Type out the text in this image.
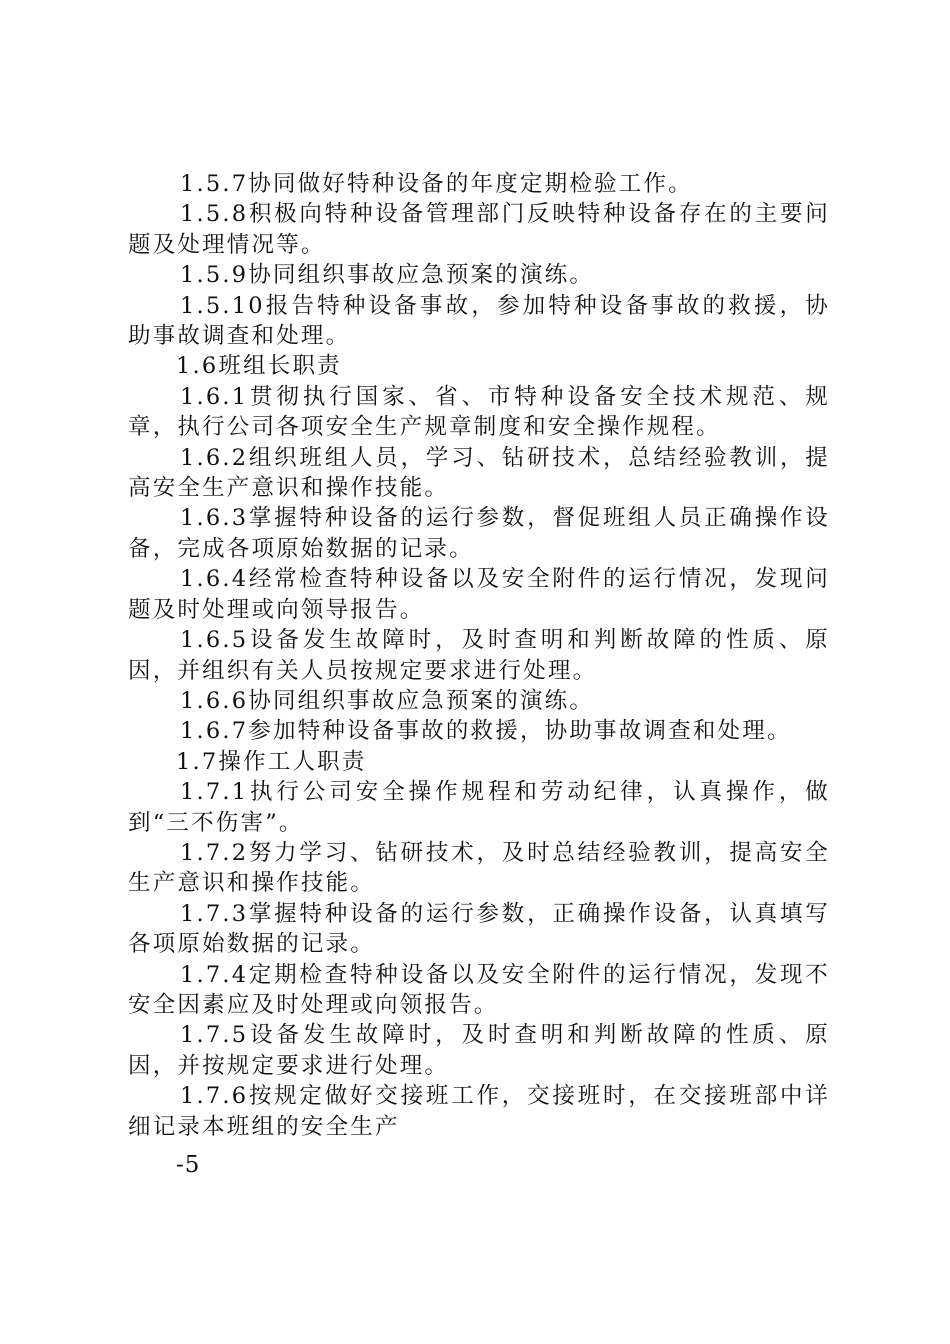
1.5.7协同做好特种设备的年度定期检验工作。

1.5.8积极向特种设备管理部门反映特种设备存在的主要问题及处理情况等。

1.5.9协同组织事故应急预案的演练。

1.5.10报告特种设备事故，参加特种设备事故的救援，协助事故调查和处理。

1.6班组长职责

1.6.1贯彻执行国家、省、市特种设备安全技术规范、规章，执行公司各项安全生产规章制度和安全操作规程。

1.6.2组织班组人员，学习、钻研技术，总结经验教训，提高安全生产意识和操作技能。

1.6.3掌握特种设备的运行参数，督促班组人员正确操作设备，完成各项原始数据的记录。

1.6.4经常检查特种设备以及安全附件的运行情况，发现问题及时处理或向领导报告。

1.6.5设备发生故障时，及时查明和判断故障的性质、原因，并组织有关人员按规定要求进行处理。

1.6.6协同组织事故应急预案的演练。

1.6.7参加特种设备事故的救援，协助事故调查和处理。

1.7操作工人职责

1.7.1执行公司安全操作规程和劳动纪律，认真操作，做到“三不伤害”。

1.7.2努力学习、钻研技术，及时总结经验教训，提高安全生产意识和操作技能。

1.7.3掌握特种设备的运行参数，正确操作设备，认真填写各项原始数据的记录。

1.7.4定期检查特种设备以及安全附件的运行情况，发现不安全因素应及时处理或向领报告。

1.7.5设备发生故障时，及时查明和判断故障的性质、原因，并按规定要求进行处理。

1.7.6按规定做好交接班工作，交接班时，在交接班部中详细记录本班组的安全生产

-5
